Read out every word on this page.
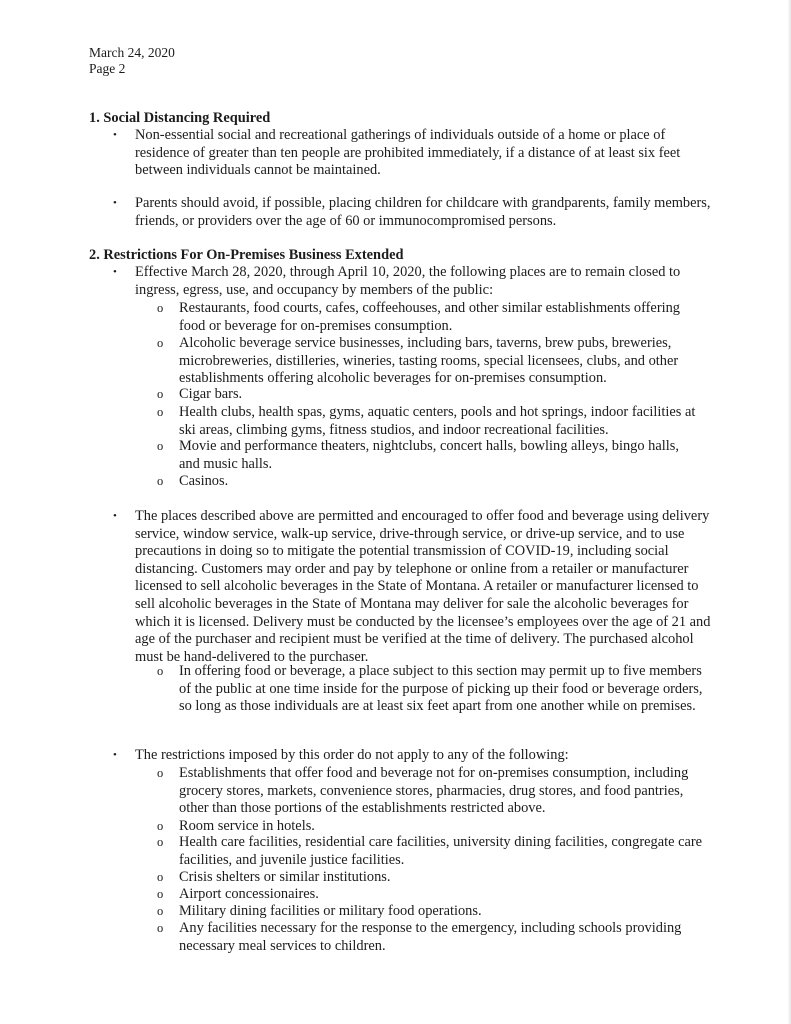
March 24, 2020
Page 2
1. Social Distancing Required
• Non-essential social and recreational gatherings of individuals outside of a home or place of residence of greater than ten people are prohibited immediately, if a distance of at least six feet between individuals cannot be maintained.
• Parents should avoid, if possible, placing children for childcare with grandparents, family members, friends, or providers over the age of 60 or immunocompromised persons.
2. Restrictions For On-Premises Business Extended
• Effective March 28, 2020, through April 10, 2020, the following places are to remain closed to ingress, egress, use, and occupancy by members of the public:
o Restaurants, food courts, cafes, coffeehouses, and other similar establishments offering food or beverage for on-premises consumption.
o Alcoholic beverage service businesses, including bars, taverns, brew pubs, breweries, microbreweries, distilleries, wineries, tasting rooms, special licensees, clubs, and other establishments offering alcoholic beverages for on-premises consumption.
o Cigar bars.
o Health clubs, health spas, gyms, aquatic centers, pools and hot springs, indoor facilities at ski areas, climbing gyms, fitness studios, and indoor recreational facilities.
o Movie and performance theaters, nightclubs, concert halls, bowling alleys, bingo halls, and music halls.
o Casinos.
• The places described above are permitted and encouraged to offer food and beverage using delivery service, window service, walk-up service, drive-through service, or drive-up service, and to use precautions in doing so to mitigate the potential transmission of COVID-19, including social distancing. Customers may order and pay by telephone or online from a retailer or manufacturer licensed to sell alcoholic beverages in the State of Montana. A retailer or manufacturer licensed to sell alcoholic beverages in the State of Montana may deliver for sale the alcoholic beverages for which it is licensed. Delivery must be conducted by the licensee’s employees over the age of 21 and age of the purchaser and recipient must be verified at the time of delivery. The purchased alcohol must be hand-delivered to the purchaser.
o In offering food or beverage, a place subject to this section may permit up to five members of the public at one time inside for the purpose of picking up their food or beverage orders, so long as those individuals are at least six feet apart from one another while on premises.
• The restrictions imposed by this order do not apply to any of the following:
o Establishments that offer food and beverage not for on-premises consumption, including grocery stores, markets, convenience stores, pharmacies, drug stores, and food pantries, other than those portions of the establishments restricted above.
o Room service in hotels.
o Health care facilities, residential care facilities, university dining facilities, congregate care facilities, and juvenile justice facilities.
o Crisis shelters or similar institutions.
o Airport concessionaires.
o Military dining facilities or military food operations.
o Any facilities necessary for the response to the emergency, including schools providing necessary meal services to children.
